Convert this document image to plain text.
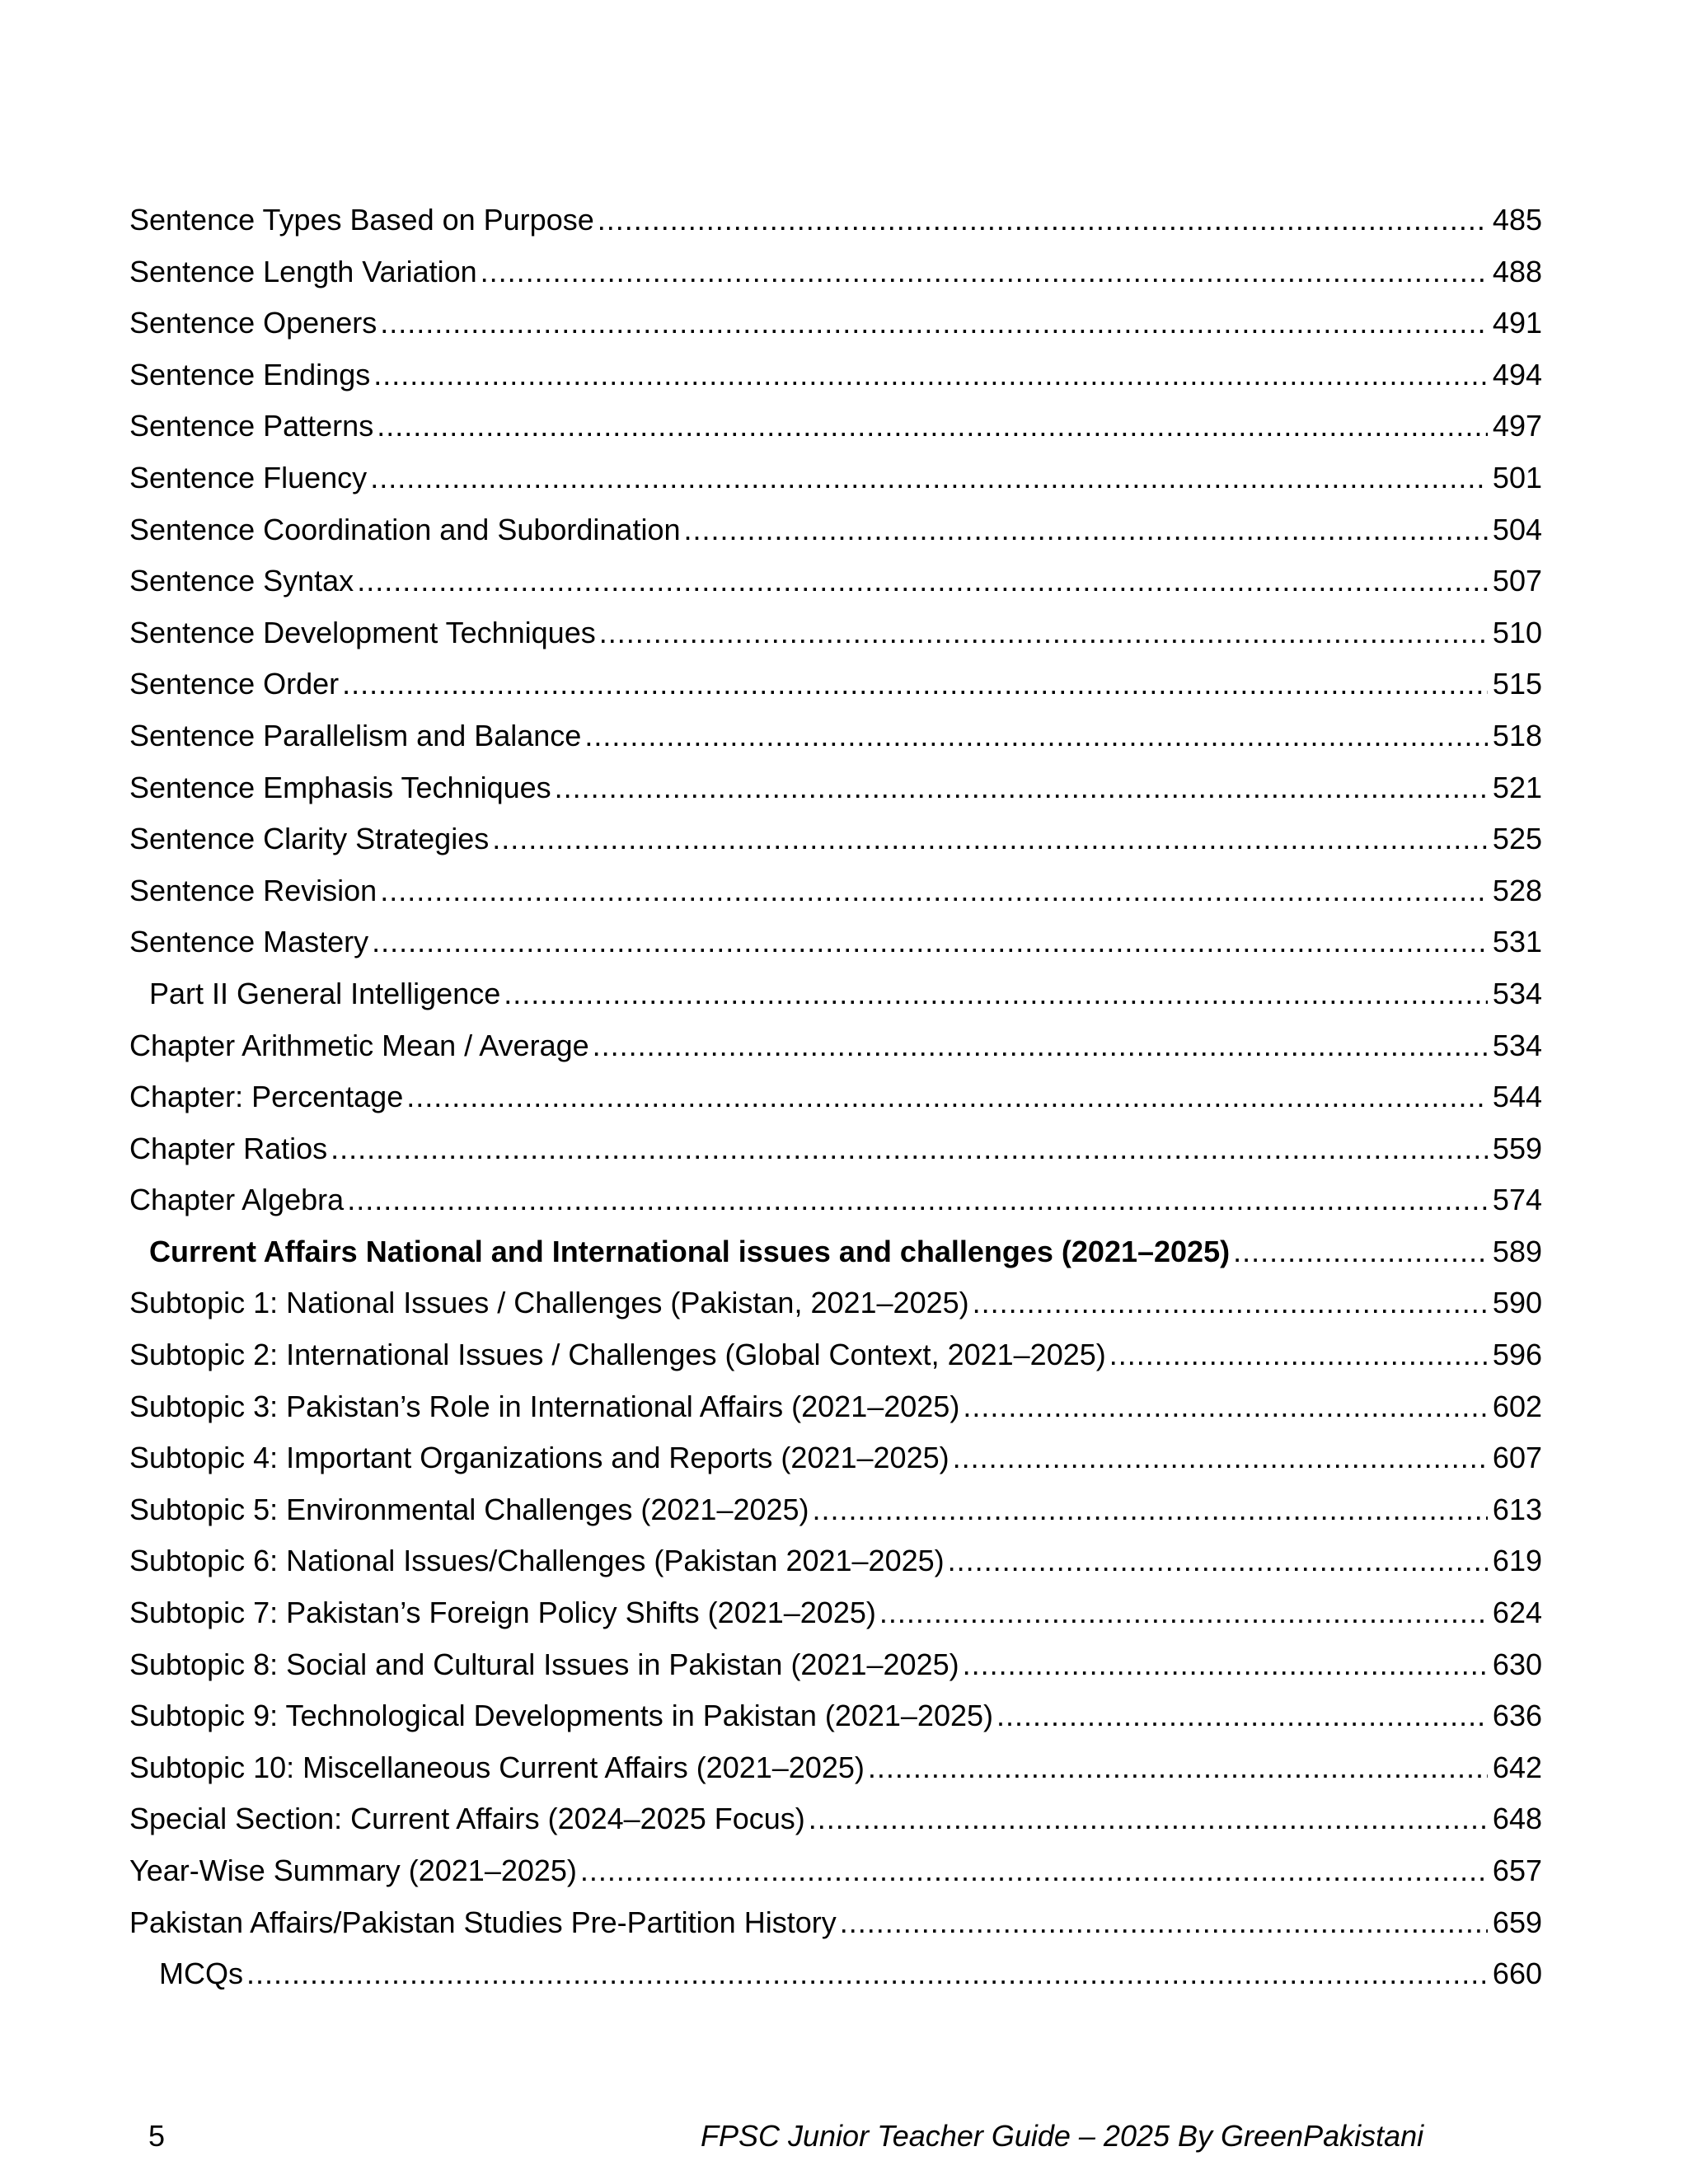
Sentence Types Based on Purpose .....	485
Sentence Length Variation .....	488
Sentence Openers .....	491
Sentence Endings .....	494
Sentence Patterns .....	497
Sentence Fluency .....	501
Sentence Coordination and Subordination .....	504
Sentence Syntax .....	507
Sentence Development Techniques .....	510
Sentence Order .....	515
Sentence Parallelism and Balance .....	518
Sentence Emphasis Techniques .....	521
Sentence Clarity Strategies .....	525
Sentence Revision .....	528
Sentence Mastery .....	531
Part II General Intelligence .....	534
Chapter Arithmetic Mean / Average .....	534
Chapter: Percentage .....	544
Chapter Ratios .....	559
Chapter Algebra .....	574
Current Affairs National and International issues and challenges (2021–2025) .....	589
Subtopic 1: National Issues / Challenges (Pakistan, 2021–2025) .....	590
Subtopic 2: International Issues / Challenges (Global Context, 2021–2025) .....	596
Subtopic 3: Pakistan’s Role in International Affairs (2021–2025) .....	602
Subtopic 4: Important Organizations and Reports (2021–2025) .....	607
Subtopic 5: Environmental Challenges (2021–2025) .....	613
Subtopic 6: National Issues/Challenges (Pakistan 2021–2025) .....	619
Subtopic 7: Pakistan’s Foreign Policy Shifts (2021–2025) .....	624
Subtopic 8: Social and Cultural Issues in Pakistan (2021–2025) .....	630
Subtopic 9: Technological Developments in Pakistan (2021–2025) .....	636
Subtopic 10: Miscellaneous Current Affairs (2021–2025) .....	642
Special Section: Current Affairs (2024–2025 Focus) .....	648
Year-Wise Summary (2021–2025) .....	657
Pakistan Affairs/Pakistan Studies Pre-Partition History .....	659
MCQs .....	660
5	FPSC Junior Teacher Guide – 2025 By GreenPakistani
